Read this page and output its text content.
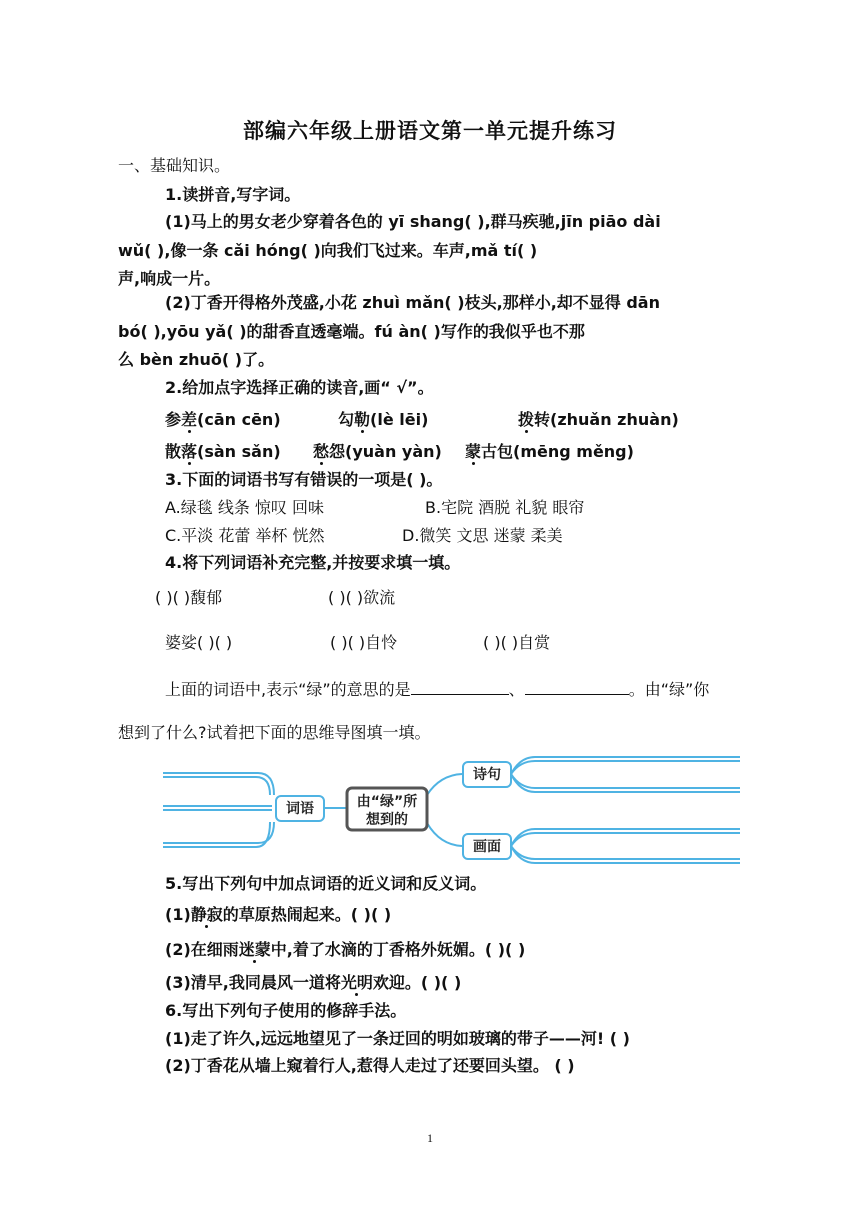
部编六年级上册语文第一单元提升练习
一、基础知识。
1.读拼音,写字词。
(1)马上的男女老少穿着各色的 yī shang( ),群马疾驰,jīn piāo dài
wǔ( ),像一条 cǎi hóng( )向我们飞过来。车声,mǎ tí( )
声,响成一片。
(2)丁香开得格外茂盛,小花 zhuì mǎn( )枝头,那样小,却不显得 dān
bó( ),yōu yǎ( )的甜香直透毫端。fú àn( )写作的我似乎也不那
么 bèn zhuō( )了。
2.给加点字选择正确的读音,画“ √”。
参差(cān cēn)	勾勒(lè lēi)	拨转(zhuǎn zhuàn)
散落(sàn sǎn) 愁怨(yuàn yàn) 蒙古包(mēng měng)
3.下面的词语书写有错误的一项是( )。
A.绿毯 线条 惊叹 回味	B.宅院 酒脱 礼貌 眼帘
C.平淡 花蕾 举杯 恍然	D.微笑 文思 迷蒙 柔美
4.将下列词语补充完整,并按要求填一填。
( )( )馥郁	( )( )欲流
婆娑( )( )	( )( )自怜	( )( )自赏
上面的词语中,表示“绿”的意思的是	、	。由“绿”你
想到了什么?试着把下面的思维导图填一填。
词语	由“绿”所
想到的
诗句
画面
5.写出下列句中加点词语的近义词和反义词。
(1)静寂的草原热闹起来。( )( )
(2)在细雨迷蒙中,着了水滴的丁香格外妩媚。( )( )
(3)清早,我同晨风一道将光明欢迎。( )( )
6.写出下列句子使用的修辞手法。
(1)走了许久,远远地望见了一条迂回的明如玻璃的带子——河! ( )
(2)丁香花从墙上窥着行人,惹得人走过了还要回头望。 ( )
1
